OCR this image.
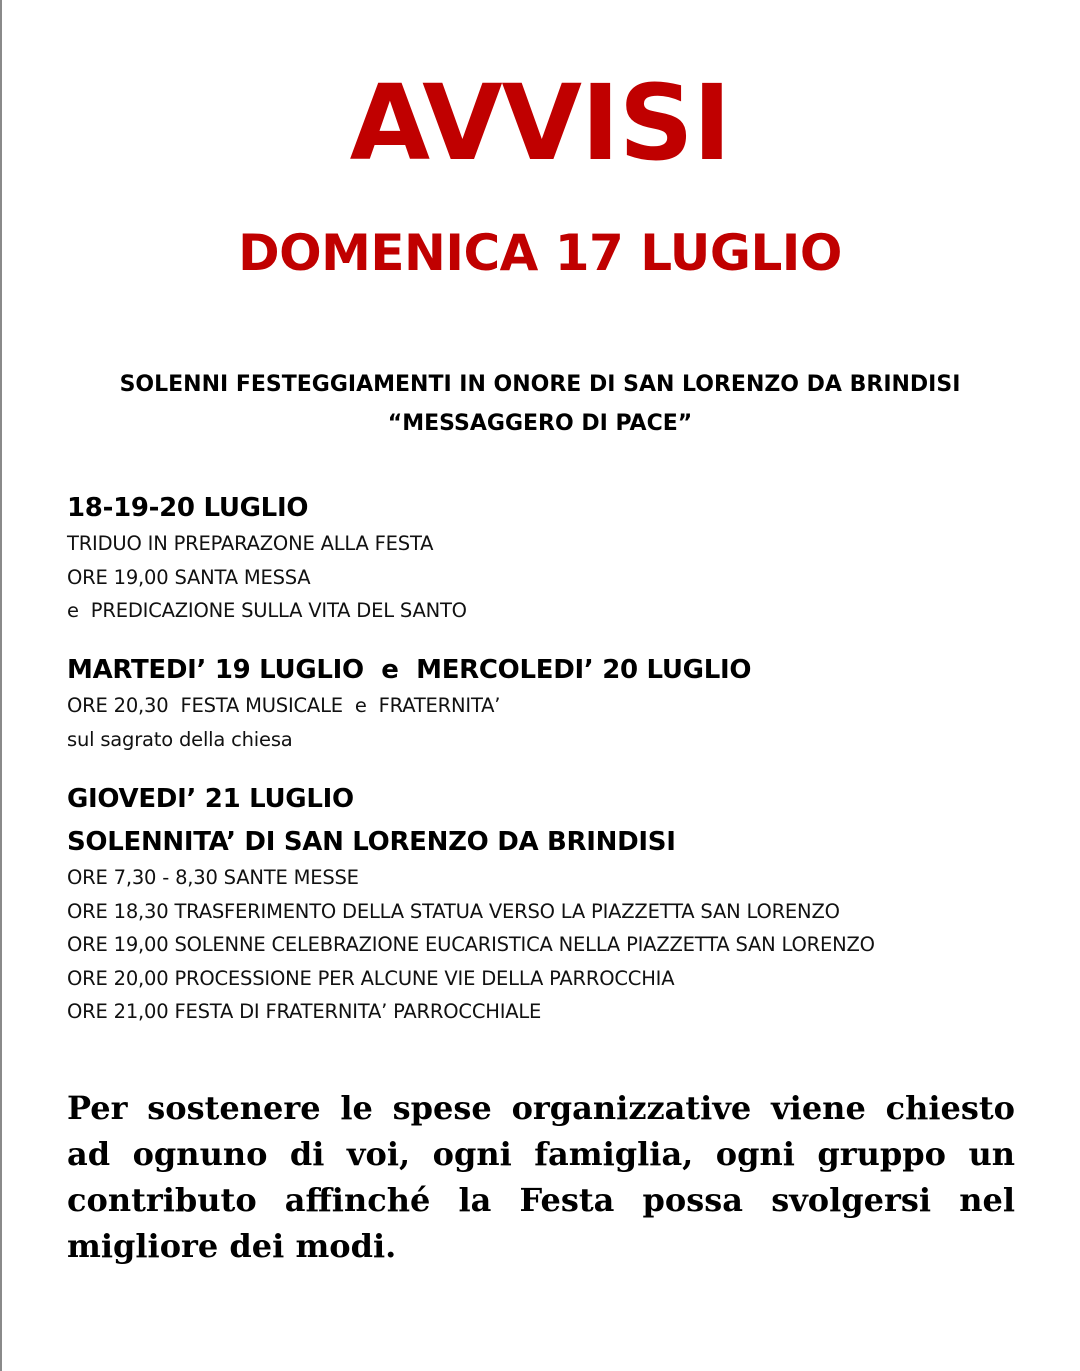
AVVISI
DOMENICA 17 LUGLIO
SOLENNI FESTEGGIAMENTI IN ONORE DI SAN LORENZO DA BRINDISI
“MESSAGGERO DI PACE”
18-19-20 LUGLIO
TRIDUO IN PREPARAZONE ALLA FESTA
ORE 19,00 SANTA MESSA
e  PREDICAZIONE SULLA VITA DEL SANTO
MARTEDI’ 19 LUGLIO  e  MERCOLEDI’ 20 LUGLIO
ORE 20,30  FESTA MUSICALE  e  FRATERNITA’
sul sagrato della chiesa
GIOVEDI’ 21 LUGLIO
SOLENNITA’ DI SAN LORENZO DA BRINDISI
ORE 7,30 - 8,30 SANTE MESSE
ORE 18,30 TRASFERIMENTO DELLA STATUA VERSO LA PIAZZETTA SAN LORENZO
ORE 19,00 SOLENNE CELEBRAZIONE EUCARISTICA NELLA PIAZZETTA SAN LORENZO
ORE 20,00 PROCESSIONE PER ALCUNE VIE DELLA PARROCCHIA
ORE 21,00 FESTA DI FRATERNITA’ PARROCCHIALE
Per sostenere le spese organizzative viene chiesto ad ognuno di voi, ogni famiglia, ogni gruppo un contributo affinché la Festa possa svolgersi nel migliore dei modi.
